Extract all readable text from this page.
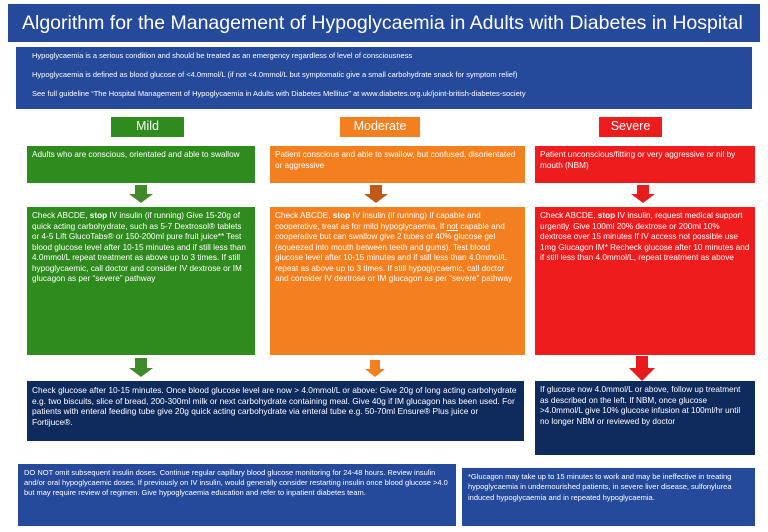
Algorithm for the Management of Hypoglycaemia in Adults with Diabetes in Hospital
Hypoglycaemia is a serious condition and should be treated as an emergency regardless of level of consciousness
Hypoglycaemia is defined as blood glucose of <4.0mmol/L (if not <4.0mmol/L but symptomatic give a small carbohydrate snack for symptom relief)
See full guideline “The Hospital Management of Hypoglycaemia in Adults with Diabetes Mellitus” at www.diabetes.org.uk/joint-british-diabetes-society
Mild	Moderate	Severe
Adults who are conscious, orientated and able to swallow	Patient conscious and able to swallow, but confused, disorientated or aggressive
Patient unconscious/fitting or very aggressive or nil by mouth (NBM)
Check ABCDE, stop IV insulin (if running) Give 15-20g of quick acting carbohydrate, such as 5-7 Dextrosol® tablets or 4-5 Lift GlucoTabs® or 150-200ml pure fruit juice** Test blood glucose level after 10-15 minutes and if still less than 4.0mmol/L repeat treatment as above up to 3 times. If still hypoglycaemic, call doctor and consider IV dextrose or IM glucagon as per “severe” pathway
Check ABCDE, stop IV insulin (if running) If capable and cooperative, treat as for mild hypoglycaemia. If not capable and cooperative but can swallow give 2 tubes of 40% glucose gel (squeezed into mouth between teeth and gums). Test blood glucose level after 10-15 minutes and if still less than 4.0mmol/L repeat as above up to 3 times. If still hypoglycaemic, call doctor and consider IV dextrose or IM glucagon as per “severe” pathway
Check ABCDE, stop IV insulin, request medical support urgently. Give 100ml 20% dextrose or 200ml 10% dextrose over 15 minutes If IV access not possible use 1mg Glucagon IM* Recheck glucose after 10 minutes and if still less than 4.0mmol/L, repeat treatment as above
Check glucose after 10-15 minutes. Once blood glucose level are now > 4.0mmol/L or above: Give 20g of long acting carbohydrate e.g. two biscuits, slice of bread, 200-300ml milk or next carbohydrate containing meal. Give 40g if IM glucagon has been used. For patients with enteral feeding tube give 20g quick acting carbohydrate via enteral tube e.g. 50-70ml Ensure® Plus juice or Fortijuce®.
If glucose now 4.0mmol/L or above, follow up treatment as described on the left. If NBM, once glucose >4.0mmol/L give 10% glucose infusion at 100ml/hr until no longer NBM or reviewed by doctor
DO NOT omit subsequent insulin doses. Continue regular capillary blood glucose monitoring for 24-48 hours. Review insulin and/or oral hypoglycaemic doses. If previously on IV insulin, would generally consider restarting insulin once blood glucose >4.0 but may require review of regimen. Give hypoglycaemia education and refer to inpatient diabetes team.
*Glucagon may take up to 15 minutes to work and may be ineffective in treating hypoglycaemia in undernourished patients, in severe liver disease, sulfonylurea induced hypoglycaemia and in repeated hypoglycaemia.
